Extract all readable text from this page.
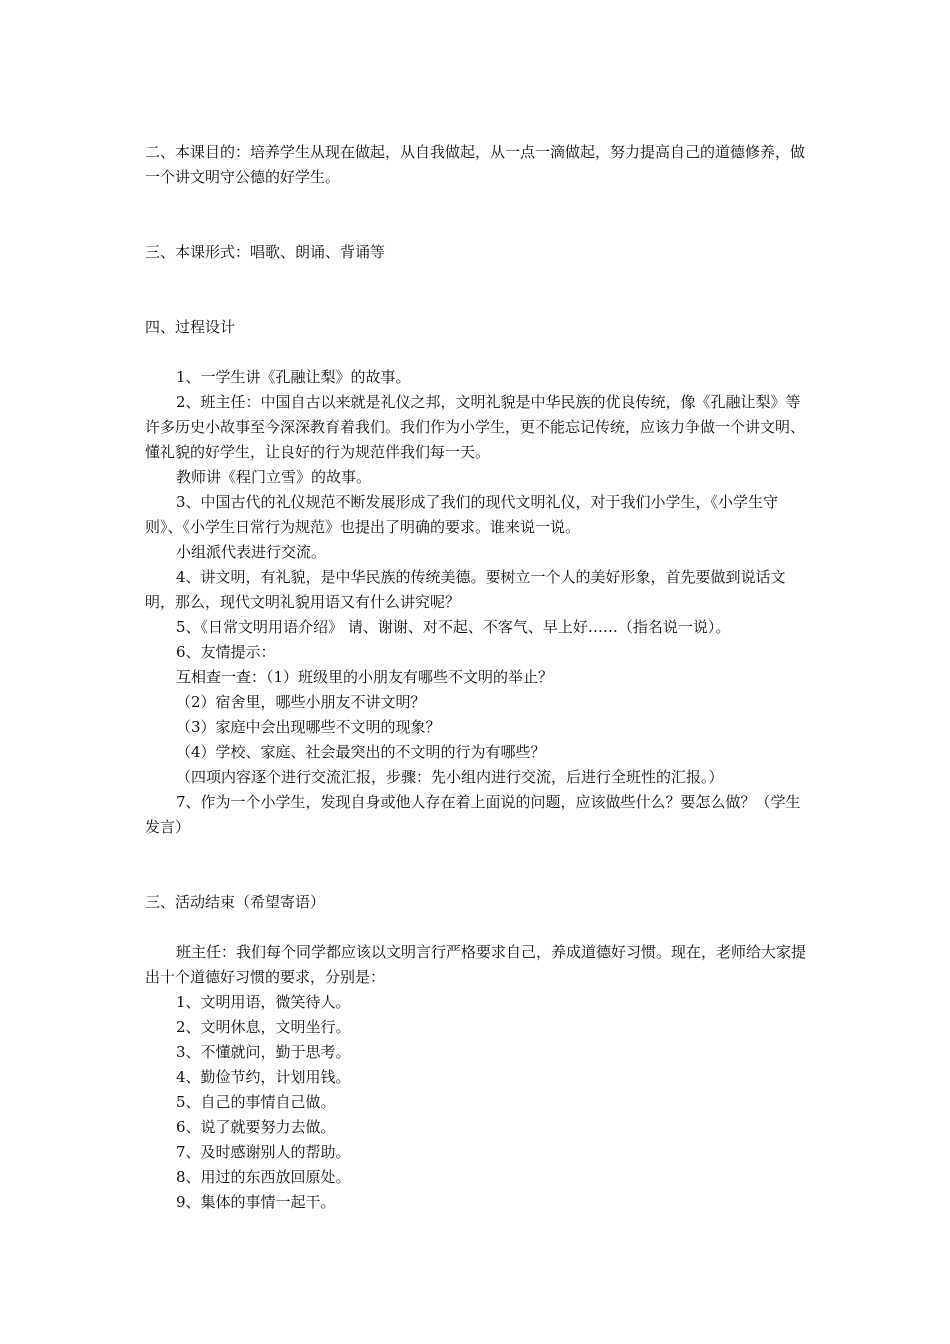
二、本课目的：培养学生从现在做起，从自我做起，从一点一滴做起，努力提高自己的道德修养，做一个讲文明守公德的好学生。

三、本课形式：唱歌、朗诵、背诵等

四、过程设计

1、一学生讲《孔融让梨》的故事。

2、班主任：中国自古以来就是礼仪之邦，文明礼貌是中华民族的优良传统，像《孔融让梨》等许多历史小故事至今深深教育着我们。我们作为小学生，更不能忘记传统，应该力争做一个讲文明、懂礼貌的好学生，让良好的行为规范伴我们每一天。

教师讲《程门立雪》的故事。

3、中国古代的礼仪规范不断发展形成了我们的现代文明礼仪，对于我们小学生，《小学生守则》、《小学生日常行为规范》也提出了明确的要求。谁来说一说。

小组派代表进行交流。

4、讲文明，有礼貌，是中华民族的传统美德。要树立一个人的美好形象，首先要做到说话文明，那么，现代文明礼貌用语又有什么讲究呢？

5、《日常文明用语介绍》 请、谢谢、对不起、不客气、早上好……（指名说一说）。

6、友情提示：

互相查一查：（1）班级里的小朋友有哪些不文明的举止？

（2）宿舍里，哪些小朋友不讲文明？

（3）家庭中会出现哪些不文明的现象？

（4）学校、家庭、社会最突出的不文明的行为有哪些？

（四项内容逐个进行交流汇报，步骤：先小组内进行交流，后进行全班性的汇报。）

7、作为一个小学生，发现自身或他人存在着上面说的问题，应该做些什么？要怎么做？（学生发言）

三、活动结束（希望寄语）

班主任：我们每个同学都应该以文明言行严格要求自己，养成道德好习惯。现在，老师给大家提出十个道德好习惯的要求，分别是：

1、文明用语，微笑待人。

2、文明休息，文明坐行。

3、不懂就问，勤于思考。

4、勤俭节约，计划用钱。

5、自己的事情自己做。

6、说了就要努力去做。

7、及时感谢别人的帮助。

8、用过的东西放回原处。

9、集体的事情一起干。
